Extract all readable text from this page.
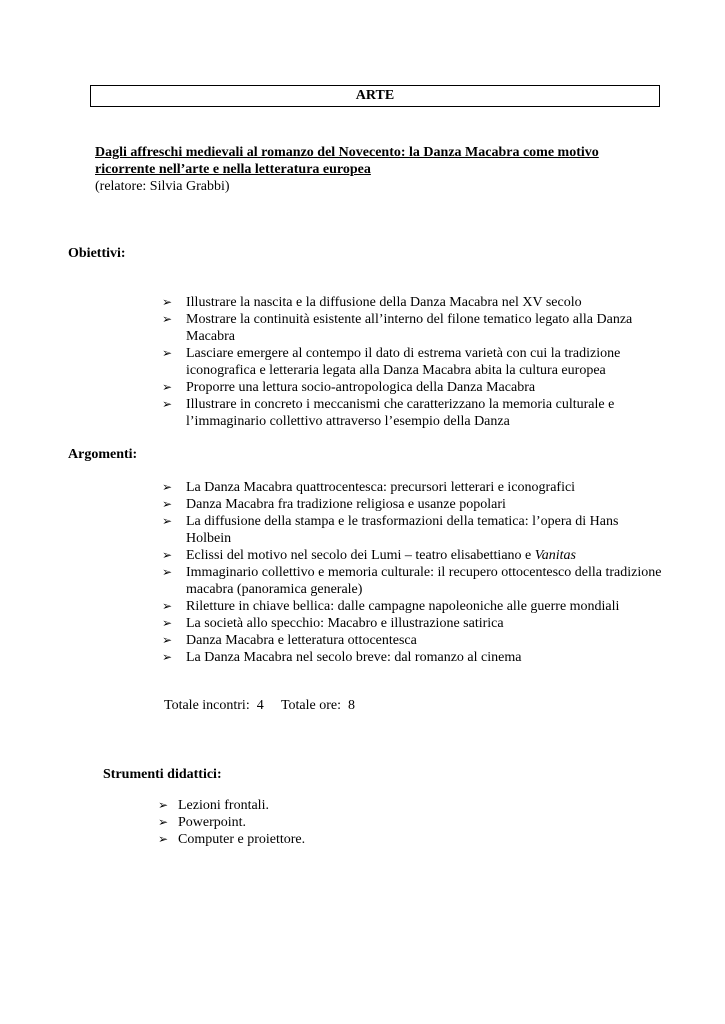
ARTE
Dagli affreschi medievali al romanzo del Novecento: la Danza Macabra come motivo
ricorrente nell’arte e nella letteratura europea
(relatore: Silvia Grabbi)
Obiettivi:
➢ Illustrare la nascita e la diffusione della Danza Macabra nel XV secolo
➢ Mostrare la continuità esistente all’interno del filone tematico legato alla Danza Macabra
➢ Lasciare emergere al contempo il dato di estrema varietà con cui la tradizione iconografica e letteraria legata alla Danza Macabra abita la cultura europea
➢ Proporre una lettura socio-antropologica della Danza Macabra
➢ Illustrare in concreto i meccanismi che caratterizzano la memoria culturale e l’immaginario collettivo attraverso l’esempio della Danza
Argomenti:
➢ La Danza Macabra quattrocentesca: precursori letterari e iconografici
➢ Danza Macabra fra tradizione religiosa e usanze popolari
➢ La diffusione della stampa e le trasformazioni della tematica: l’opera di Hans Holbein
➢ Eclissi del motivo nel secolo dei Lumi – teatro elisabettiano e Vanitas
➢ Immaginario collettivo e memoria culturale: il recupero ottocentesco della tradizione macabra (panoramica generale)
➢ Riletture in chiave bellica: dalle campagne napoleoniche alle guerre mondiali
➢ La società allo specchio: Macabro e illustrazione satirica
➢ Danza Macabra e letteratura ottocentesca
➢ La Danza Macabra nel secolo breve: dal romanzo al cinema
Totale incontri: 4 Totale ore: 8
Strumenti didattici:
➢ Lezioni frontali.
➢ Powerpoint.
➢ Computer e proiettore.
